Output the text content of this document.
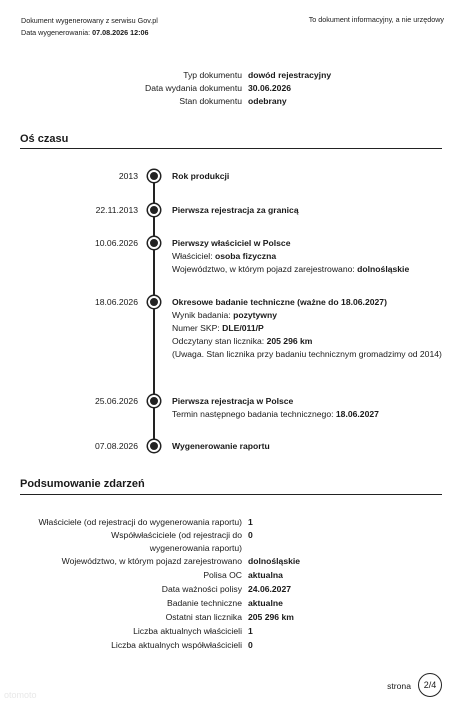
Dokument wygenerowany z serwisu Gov.pl
Data wygenerowania: 07.08.2026 12:06
To dokument informacyjny, a nie urzędowy
Typ dokumentu dowód rejestracyjny
Data wydania dokumentu 30.06.2026
Stan dokumentu odebrany
Oś czasu
2013	Rok produkcji
22.11.2013	Pierwsza rejestracja za granicą
10.06.2026	Pierwszy właściciel w Polsce
Właściciel: osoba fizyczna
Województwo, w którym pojazd zarejestrowano: dolnośląskie
18.06.2026	Okresowe badanie techniczne (ważne do 18.06.2027)
Wynik badania: pozytywny
Numer SKP: DLE/011/P
Odczytany stan licznika: 205 296 km
(Uwaga. Stan licznika przy badaniu technicznym gromadzimy od 2014)
25.06.2026	Pierwsza rejestracja w Polsce
Termin następnego badania technicznego: 18.06.2027
07.08.2026	Wygenerowanie raportu
Podsumowanie zdarzeń
Właściciele (od rejestracji do wygenerowania raportu) 1
Współwłaściciele (od rejestracji do wygenerowania raportu)
0
Województwo, w którym pojazd zarejestrowano dolnośląskie
Polisa OC aktualna
Data ważności polisy 24.06.2027
Badanie techniczne aktualne
Ostatni stan licznika 205 296 km
Liczba aktualnych właścicieli 1
Liczba aktualnych współwłaścicieli 0
strona	2/4
otomoto
